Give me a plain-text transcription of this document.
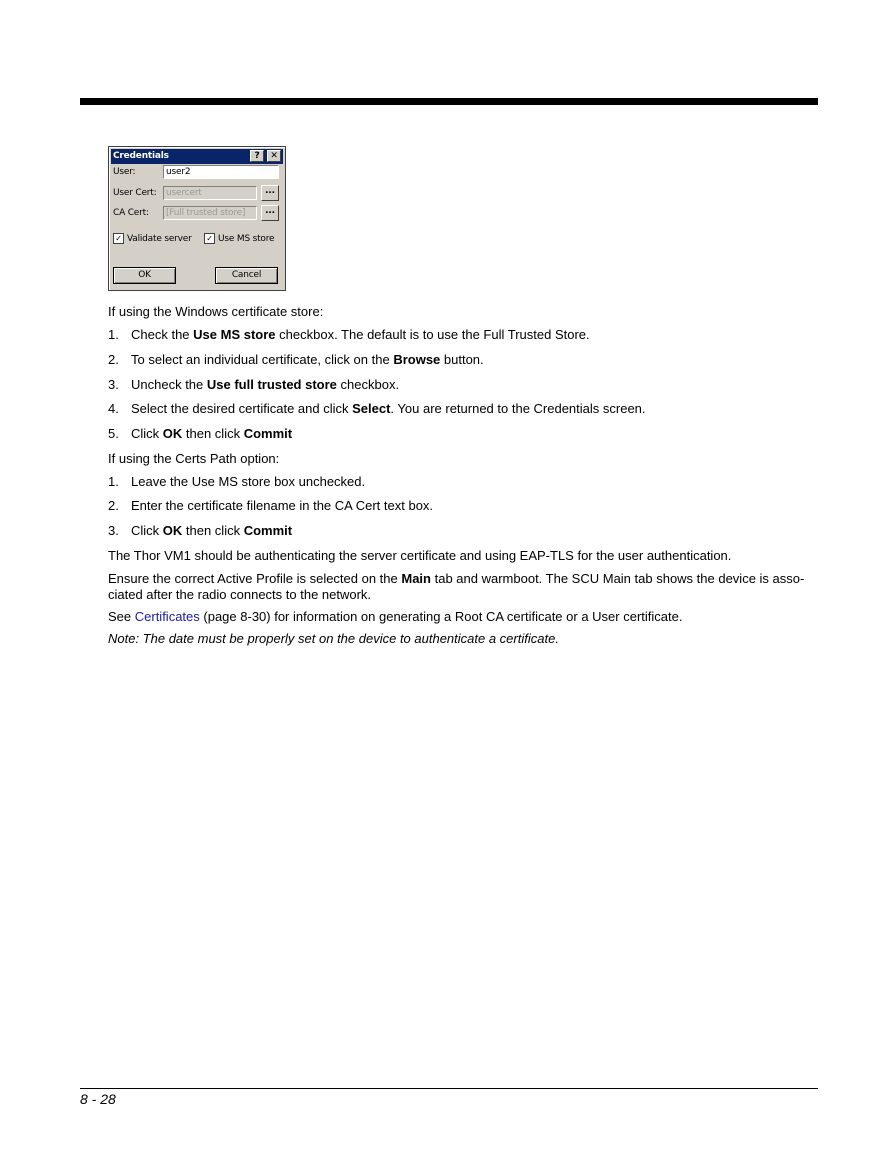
Credentials	?	✕
User:	user2
User Cert:	usercert	...
CA Cert:	[Full trusted store]	...
✓ Validate server ✓ Use MS store
OK	Cancel
If using the Windows certificate store:
1. Check the Use MS store checkbox. The default is to use the Full Trusted Store.
2. To select an individual certificate, click on the Browse button.
3. Uncheck the Use full trusted store checkbox.
4. Select the desired certificate and click Select. You are returned to the Credentials screen.
5. Click OK then click Commit
If using the Certs Path option:
1. Leave the Use MS store box unchecked.
2. Enter the certificate filename in the CA Cert text box.
3. Click OK then click Commit
The Thor VM1 should be authenticating the server certificate and using EAP-TLS for the user authentication.
Ensure the correct Active Profile is selected on the Main tab and warmboot. The SCU Main tab shows the device is asso-
ciated after the radio connects to the network.
See Certificates (page 8-30) for information on generating a Root CA certificate or a User certificate.
Note: The date must be properly set on the device to authenticate a certificate.
8 - 28
